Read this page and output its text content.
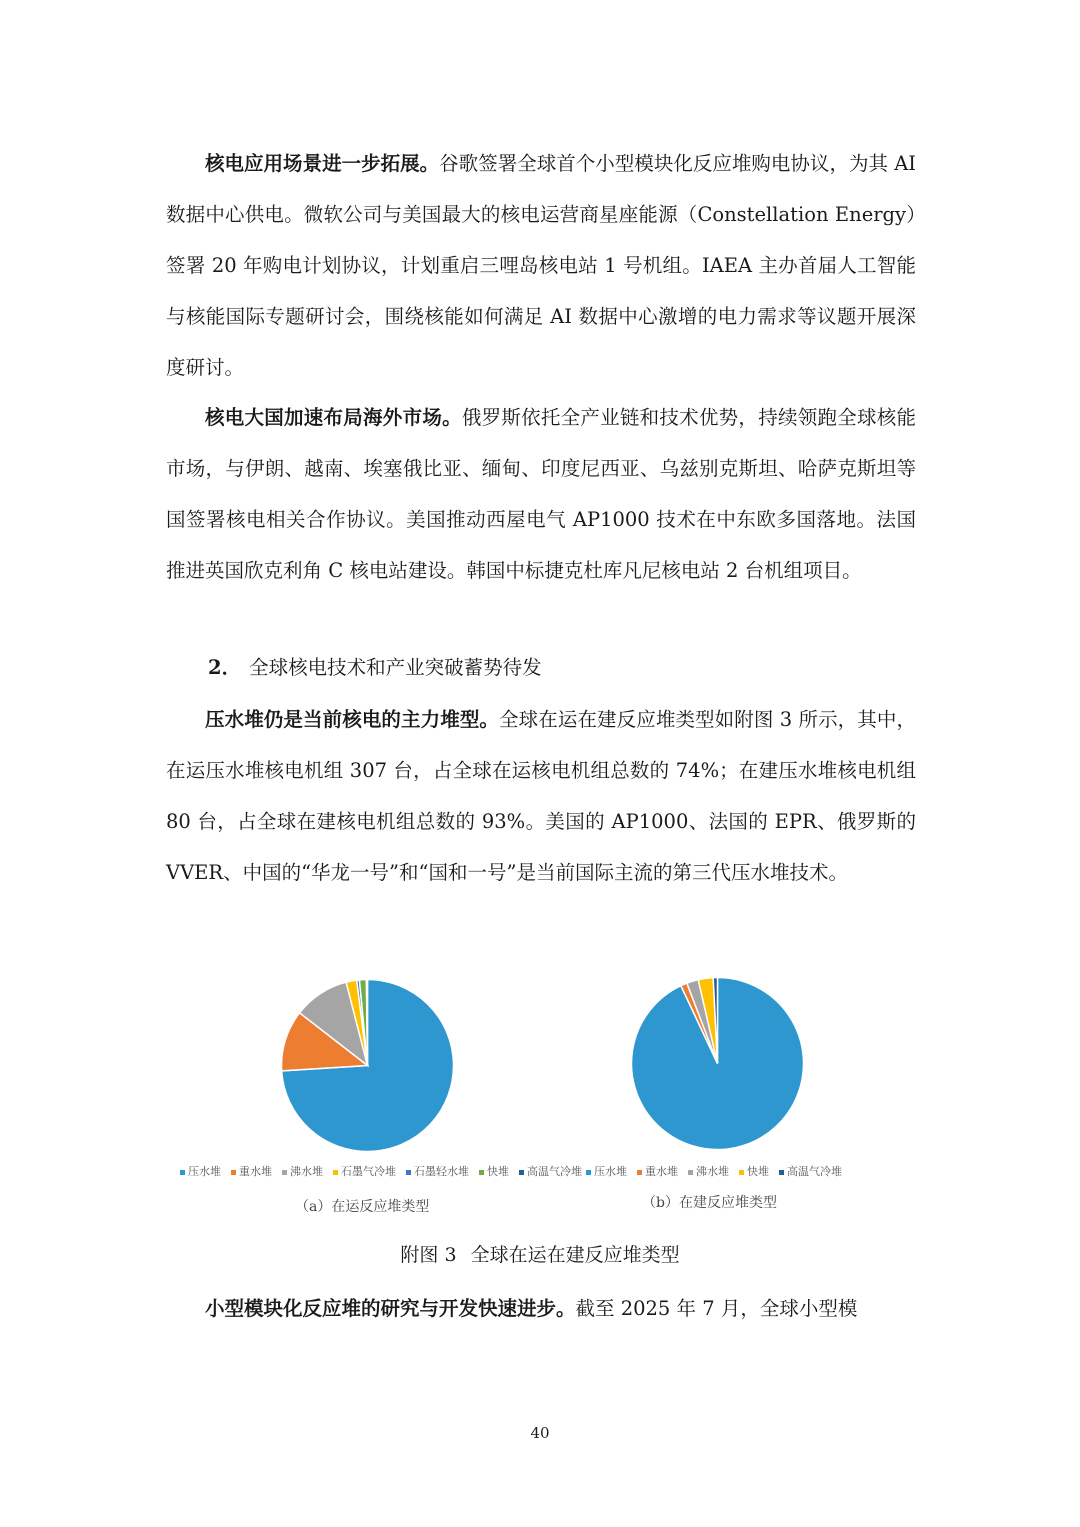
核电应用场景进一步拓展。谷歌签署全球首个小型模块化反应堆购电协议，为其 AI 数据中心供电。微软公司与美国最大的核电运营商星座能源（Constellation Energy）签署 20 年购电计划协议，计划重启三哩岛核电站 1 号机组。IAEA 主办首届人工智能与核能国际专题研讨会，围绕核能如何满足 AI 数据中心激增的电力需求等议题开展深度研讨。
核电大国加速布局海外市场。俄罗斯依托全产业链和技术优势，持续领跑全球核能市场，与伊朗、越南、埃塞俄比亚、缅甸、印度尼西亚、乌兹别克斯坦、哈萨克斯坦等国签署核电相关合作协议。美国推动西屋电气 AP1000 技术在中东欧多国落地。法国推进英国欣克利角 C 核电站建设。韩国中标捷克杜库凡尼核电站 2 台机组项目。
2． 全球核电技术和产业突破蓄势待发
压水堆仍是当前核电的主力堆型。全球在运在建反应堆类型如附图 3 所示，其中，在运压水堆核电机组 307 台，占全球在运核电机组总数的 74%；在建压水堆核电机组 80 台，占全球在建核电机组总数的 93%。美国的 AP1000、法国的 EPR、俄罗斯的 VVER、中国的“华龙一号”和“国和一号”是当前国际主流的第三代压水堆技术。
压水堆 重水堆 沸水堆 石墨气冷堆 石墨轻水堆 快堆 高温气冷堆
（a）在运反应堆类型
压水堆 重水堆 沸水堆 快堆 高温气冷堆
（b）在建反应堆类型
附图 3 全球在运在建反应堆类型
小型模块化反应堆的研究与开发快速进步。截至 2025 年 7 月，全球小型模
40
